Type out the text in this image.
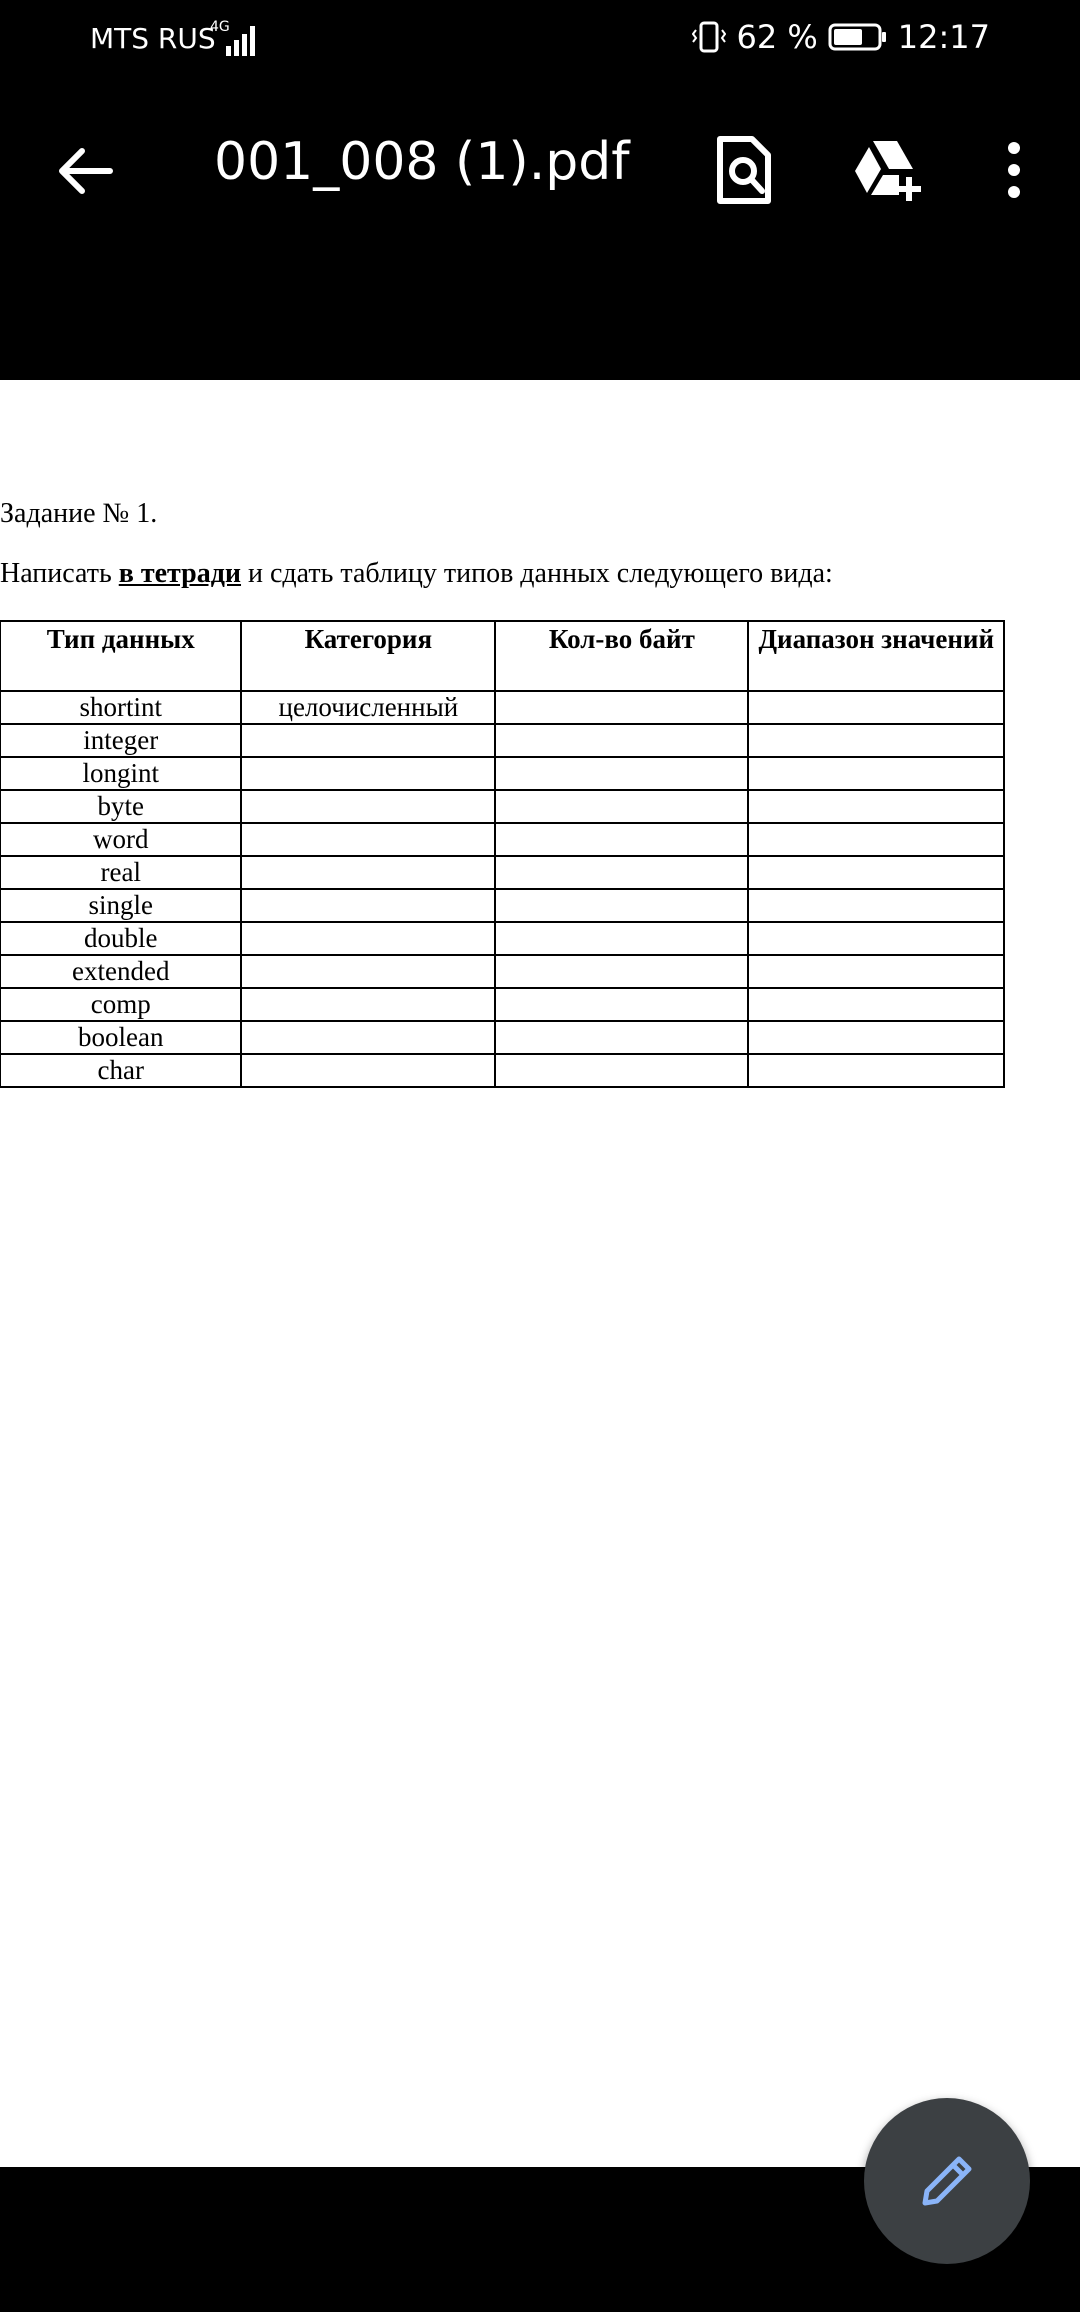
MTS RUS
4G	62 %	12:17
001_008 (1).pdf
Задание № 1.
Написать в тетради и сдать таблицу типов данных следующего вида:
Тип данных	Категория	Кол-во байт	Диапазон значений
shortint	целочисленный		
integer			
longint			
byte			
word			
real			
single			
double			
extended			
comp			
boolean			
char			
